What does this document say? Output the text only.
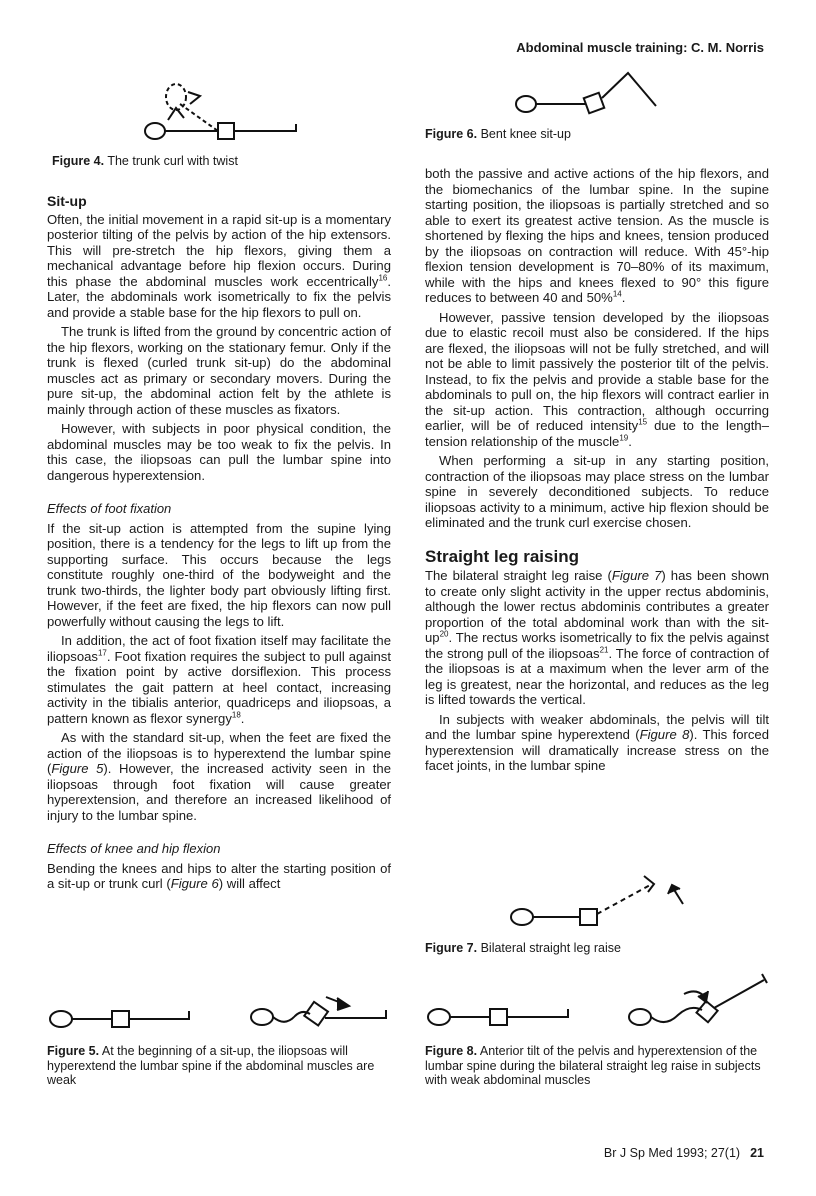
Abdominal muscle training: C. M. Norris
Figure 4. The trunk curl with twist
Figure 6. Bent knee sit-up
Sit-up

Often, the initial movement in a rapid sit-up is a momentary posterior tilting of the pelvis by action of the hip extensors. This will pre-stretch the hip flexors, giving them a mechanical advantage before hip flexion occurs. During this phase the abdominal muscles work eccentrically$^{16}$. Later, the abdominals work isometrically to fix the pelvis and provide a stable base for the hip flexors to pull on.

The trunk is lifted from the ground by concentric action of the hip flexors, working on the stationary femur. Only if the trunk is flexed (curled trunk sit-up) do the abdominal muscles act as primary or secondary movers. During the pure sit-up, the abdominal action felt by the athlete is mainly through action of these muscles as fixators.

However, with subjects in poor physical condition, the abdominal muscles may be too weak to fix the pelvis. In this case, the iliopsoas can pull the lumbar spine into dangerous hyperextension.

Effects of foot fixation

If the sit-up action is attempted from the supine lying position, there is a tendency for the legs to lift up from the supporting surface. This occurs because the legs constitute roughly one-third of the bodyweight and the trunk two-thirds, the lighter body part obviously lifting first. However, if the feet are fixed, the hip flexors can now pull powerfully without causing the legs to lift.

In addition, the act of foot fixation itself may facilitate the iliopsoas$^{17}$. Foot fixation requires the subject to pull against the fixation point by active dorsiflexion. This process stimulates the gait pattern at heel contact, increasing activity in the tibialis anterior, quadriceps and iliopsoas, a pattern known as flexor synergy$^{18}$.

As with the standard sit-up, when the feet are fixed the action of the iliopsoas is to hyperextend the lumbar spine (Figure 5). However, the increased activity seen in the iliopsoas through foot fixation will cause greater hyperextension, and therefore an increased likelihood of injury to the lumbar spine.

Effects of knee and hip flexion

Bending the knees and hips to alter the starting position of a sit-up or trunk curl (Figure 6) will affect

both the passive and active actions of the hip flexors, and the biomechanics of the lumbar spine. In the supine starting position, the iliopsoas is partially stretched and so able to exert its greatest active tension. As the muscle is shortened by flexing the hips and knees, tension produced by the iliopsoas on contraction will reduce. With 45°-hip flexion tension development is 70–80% of its maximum, while with the hips and knees flexed to 90° this figure reduces to between 40 and 50%$^{14}$.

However, passive tension developed by the iliopsoas due to elastic recoil must also be considered. If the hips are flexed, the iliopsoas will not be fully stretched, and will not be able to limit passively the posterior tilt of the pelvis. Instead, to fix the pelvis and provide a stable base for the abdominals to pull on, the hip flexors will contract earlier in the sit-up action. This contraction, although occurring earlier, will be of reduced intensity$^{15}$ due to the length–tension relationship of the muscle$^{19}$.

When performing a sit-up in any starting position, contraction of the iliopsoas may place stress on the lumbar spine in severely deconditioned subjects. To reduce iliopsoas activity to a minimum, active hip flexion should be eliminated and the trunk curl exercise chosen.

Straight leg raising

The bilateral straight leg raise (Figure 7) has been shown to create only slight activity in the upper rectus abdominis, although the lower rectus abdominis contributes a greater proportion of the total abdominal work than with the sit-$up^{20}$. The rectus works isometrically to fix the pelvis against the strong pull of the iliopsoas$^{21}$. The force of contraction of the iliopsoas is at a maximum when the lever arm of the leg is greatest, near the horizontal, and reduces as the leg is lifted towards the vertical.

In subjects with weaker abdominals, the pelvis will tilt and the lumbar spine hyperextend (Figure 8). This forced hyperextension will dramatically increase stress on the facet joints, in the lumbar spine

Figure 7. Bilateral straight leg raise
Figure 5. At the beginning of a sit-up, the iliopsoas will hyperextend the lumbar spine if the abdominal muscles are weak
Figure 8. Anterior tilt of the pelvis and hyperextension of the lumbar spine during the bilateral straight leg raise in subjects with weak abdominal muscles
Br J Sp Med 1993; 27(1) 21
